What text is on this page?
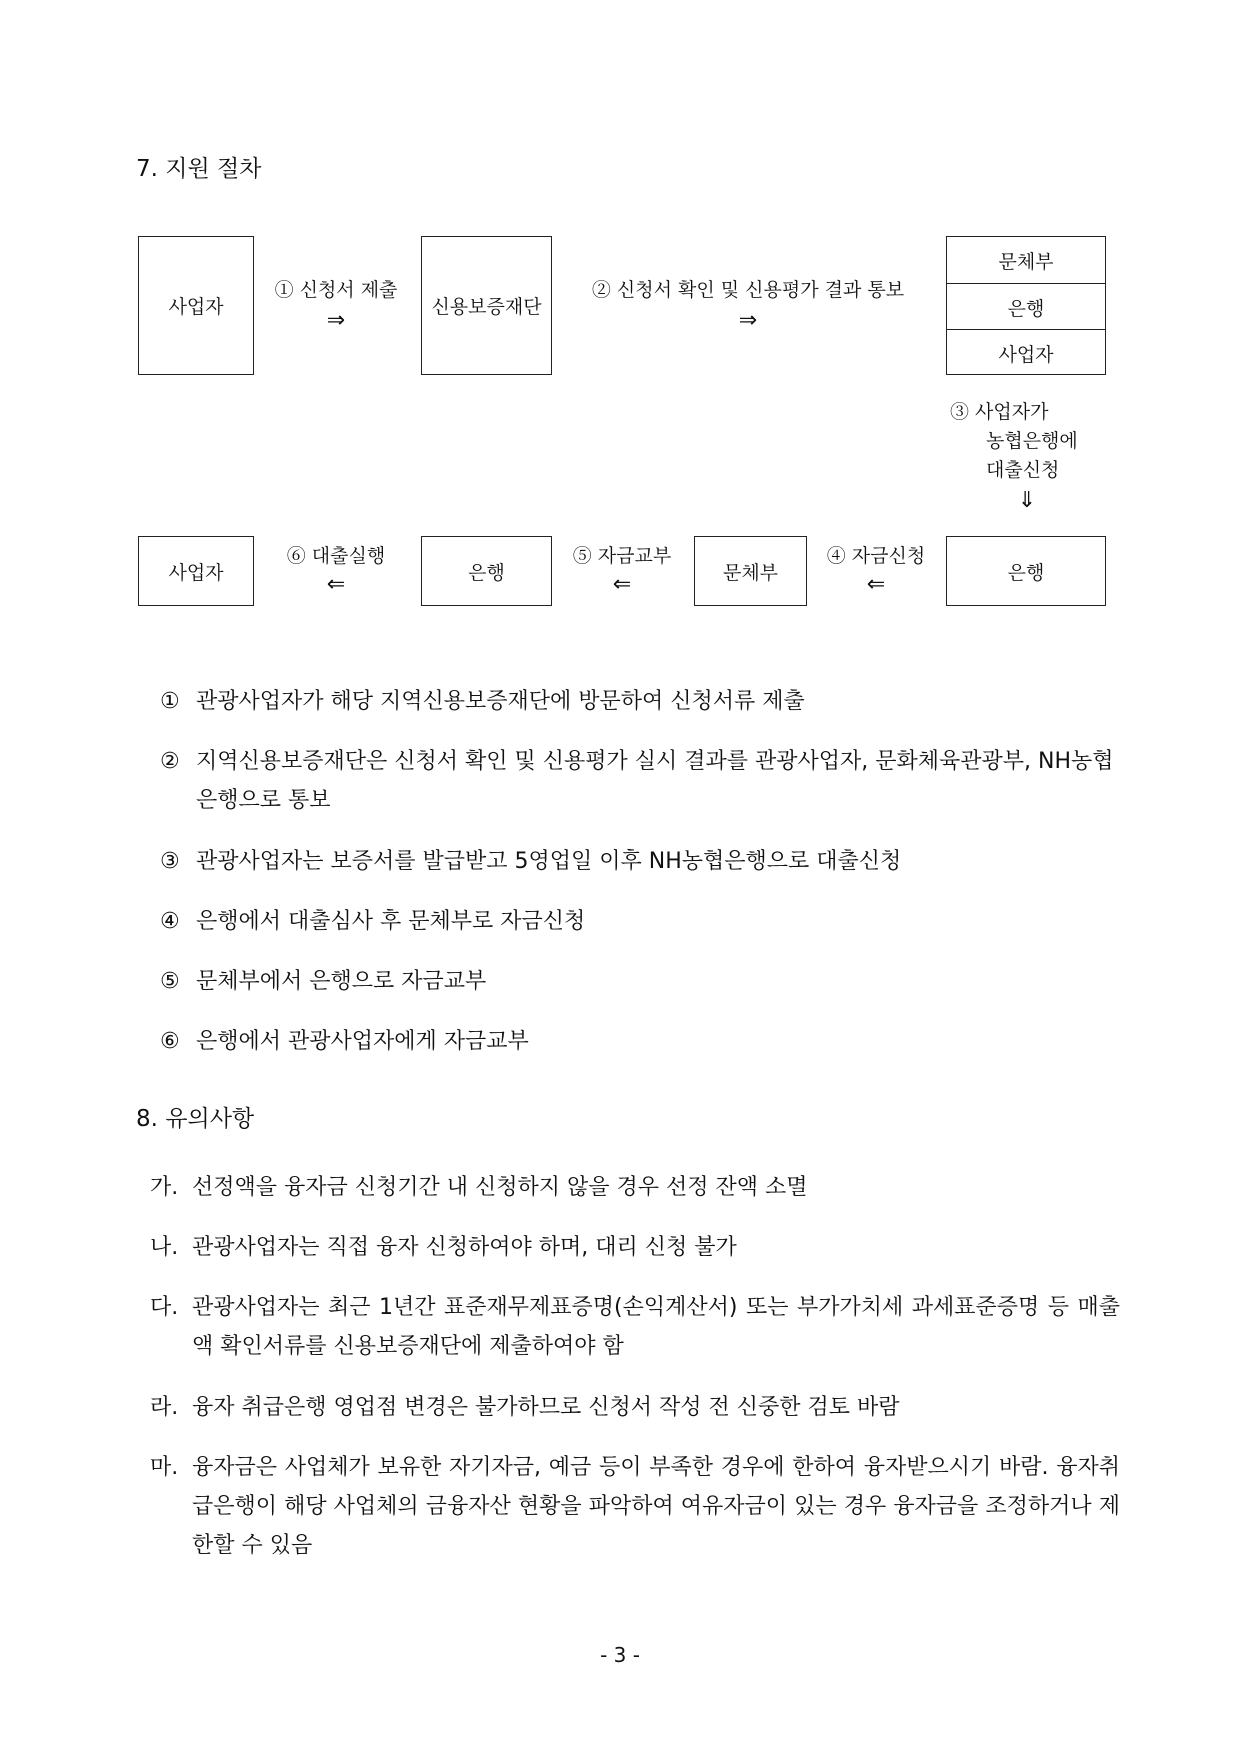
7. 지원 절차
사업자
① 신청서 제출
⇒
신용보증재단
② 신청서 확인 및 신용평가 결과 통보
⇒
문체부
은행
사업자
③ 사업자가
농협은행에
대출신청
⇓
사업자
⑥ 대출실행
⇐	은행
⑤ 자금교부
⇐	문체부
④ 자금신청
⇐	은행
① 관광사업자가 해당 지역신용보증재단에 방문하여 신청서류 제출
② 지역신용보증재단은 신청서 확인 및 신용평가 실시 결과를 관광사업자, 문화체육관광부, NH농협은행으로 통보
③ 관광사업자는 보증서를 발급받고 5영업일 이후 NH농협은행으로 대출신청
④ 은행에서 대출심사 후 문체부로 자금신청
⑤ 문체부에서 은행으로 자금교부
⑥ 은행에서 관광사업자에게 자금교부
8. 유의사항
가. 선정액을 융자금 신청기간 내 신청하지 않을 경우 선정 잔액 소멸
나. 관광사업자는 직접 융자 신청하여야 하며, 대리 신청 불가
다. 관광사업자는 최근 1년간 표준재무제표증명(손익계산서) 또는 부가가치세 과세표준증명 등 매출액 확인서류를 신용보증재단에 제출하여야 함
라. 융자 취급은행 영업점 변경은 불가하므로 신청서 작성 전 신중한 검토 바람
마. 융자금은 사업체가 보유한 자기자금, 예금 등이 부족한 경우에 한하여 융자받으시기 바람. 융자취급은행이 해당 사업체의 금융자산 현황을 파악하여 여유자금이 있는 경우 융자금을 조정하거나 제한할 수 있음
- 3 -
